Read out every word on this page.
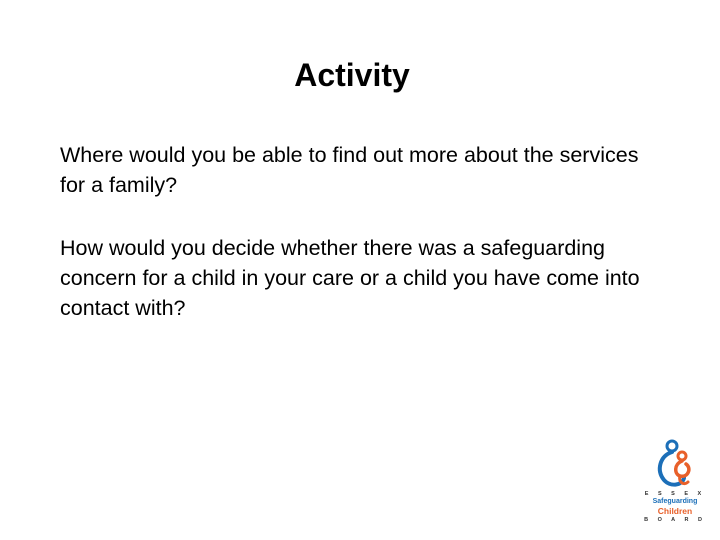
Activity
Where would you be able to find out more about the services for a family?
How would you decide whether there was a safeguarding concern for a child in your care or a child you have come into contact with?
E S S E X
Safeguarding
Children
B O A R D
